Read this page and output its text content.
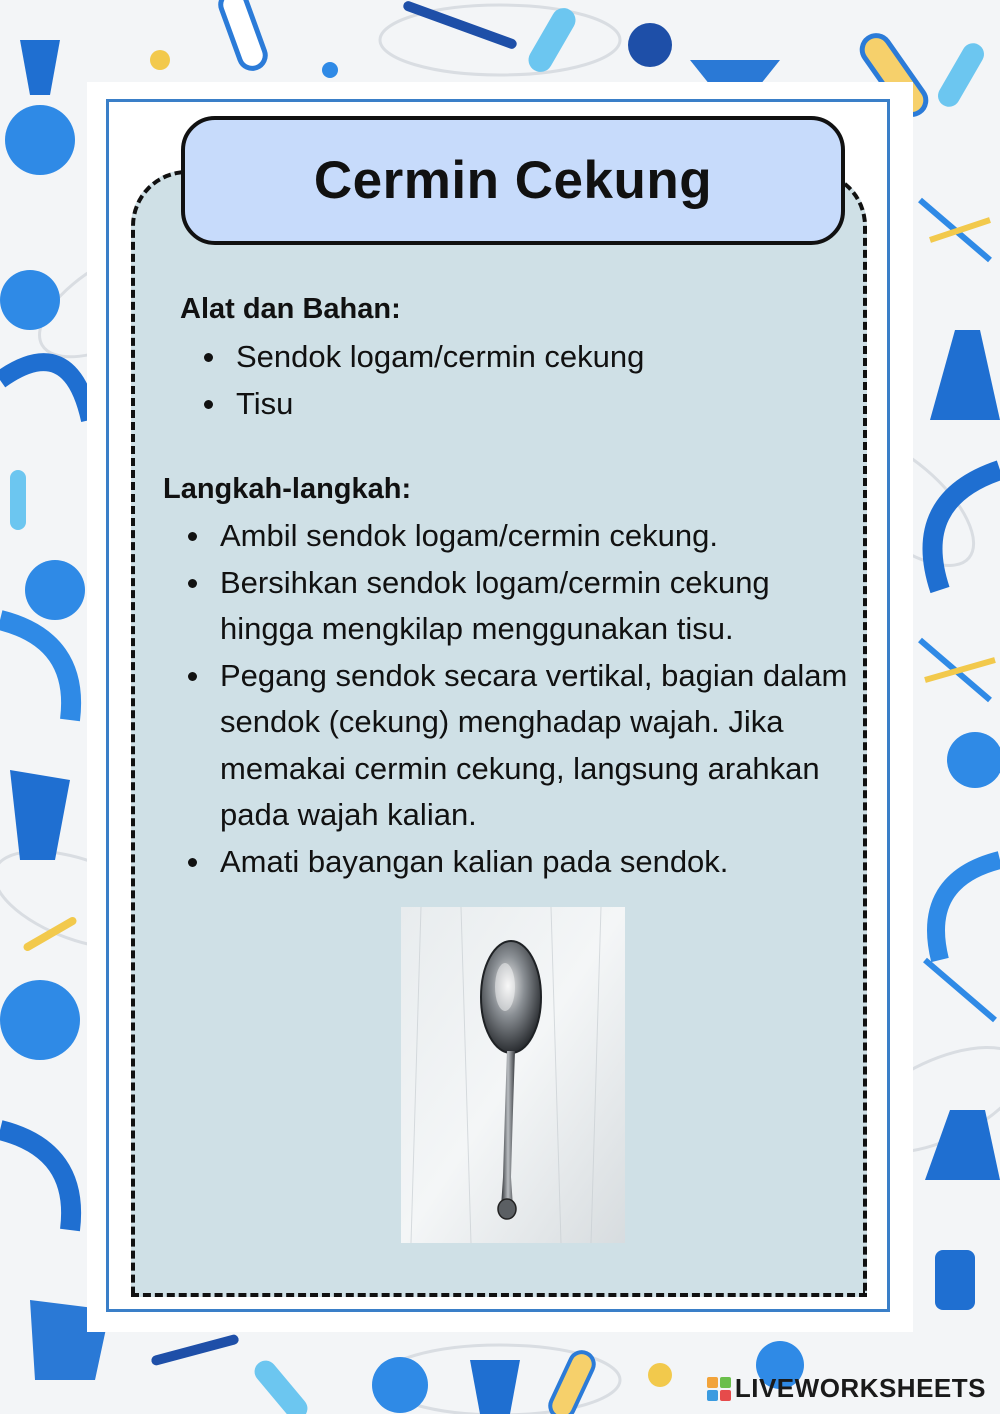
Cermin Cekung
Alat dan Bahan:
Sendok logam/cermin cekung
Tisu
Langkah-langkah:
Ambil sendok logam/cermin cekung.
Bersihkan sendok logam/cermin cekung hingga mengkilap menggunakan tisu.
Pegang sendok secara vertikal, bagian dalam sendok (cekung) menghadap wajah. Jika memakai cermin cekung, langsung arahkan pada wajah kalian.
Amati bayangan kalian pada sendok.
LIVEWORKSHEETS
